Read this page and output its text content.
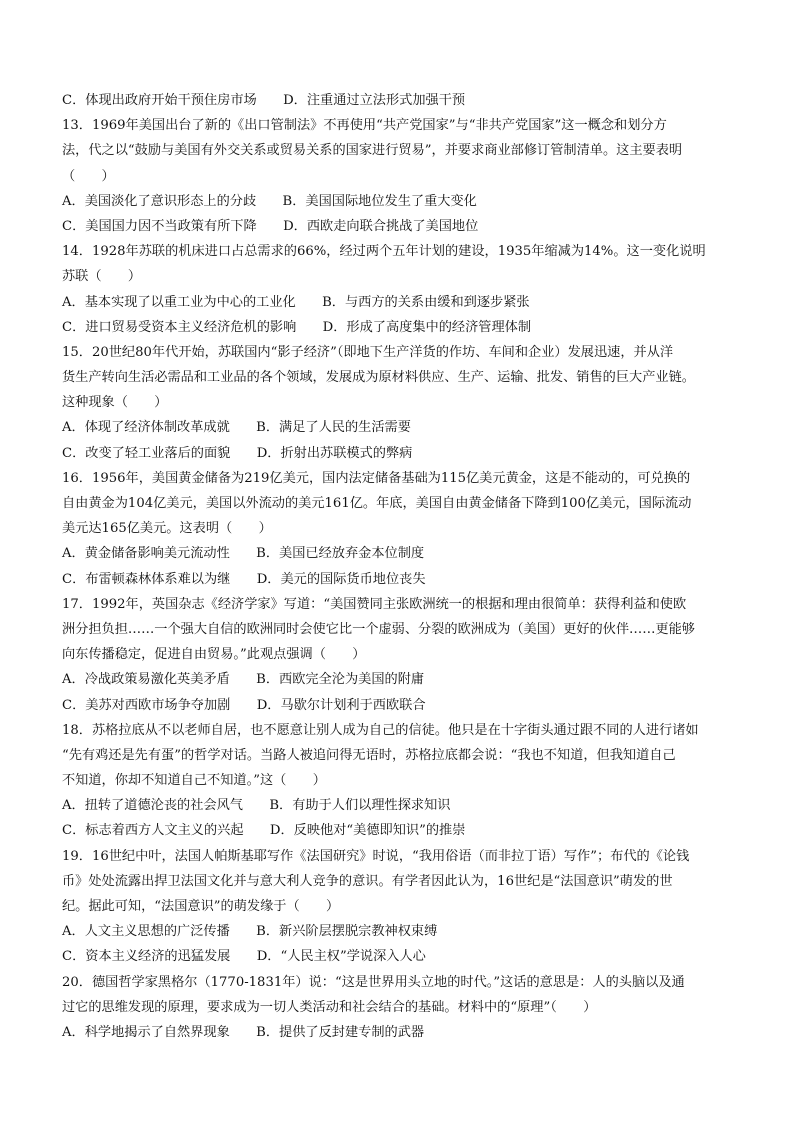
C．体现出政府开始干预住房市场　　D．注重通过立法形式加强干预
13．1969年美国出台了新的《出口管制法》不再使用“共产党国家”与“非共产党国家”这一概念和划分方
法，代之以“鼓励与美国有外交关系或贸易关系的国家进行贸易”，并要求商业部修订管制清单。这主要表明
（　　）
A．美国淡化了意识形态上的分歧　　B．美国国际地位发生了重大变化
C．美国国力因不当政策有所下降　　D．西欧走向联合挑战了美国地位
14．1928年苏联的机床进口占总需求的66%，经过两个五年计划的建设，1935年缩减为14%。这一变化说明
苏联（　　）
A．基本实现了以重工业为中心的工业化　　B．与西方的关系由缓和到逐步紧张
C．进口贸易受资本主义经济危机的影响　　D．形成了高度集中的经济管理体制
15．20世纪80年代开始，苏联国内“影子经济”（即地下生产洋货的作坊、车间和企业）发展迅速，并从洋
货生产转向生活必需品和工业品的各个领域，发展成为原材料供应、生产、运输、批发、销售的巨大产业链。
这种现象（　　）
A．体现了经济体制改革成就　　B．满足了人民的生活需要
C．改变了轻工业落后的面貌　　D．折射出苏联模式的弊病
16．1956年，美国黄金储备为219亿美元，国内法定储备基础为115亿美元黄金，这是不能动的，可兑换的
自由黄金为104亿美元，美国以外流动的美元161亿。年底，美国自由黄金储备下降到100亿美元，国际流动
美元达165亿美元。这表明（　　）
A．黄金储备影响美元流动性　　B．美国已经放弃金本位制度
C．布雷顿森林体系难以为继　　D．美元的国际货币地位丧失
17．1992年，英国杂志《经济学家》写道：“美国赞同主张欧洲统一的根据和理由很简单：获得利益和使欧
洲分担负担……一个强大自信的欧洲同时会使它比一个虚弱、分裂的欧洲成为（美国）更好的伙伴……更能够
向东传播稳定，促进自由贸易。”此观点强调（　　）
A．冷战政策易激化英美矛盾　　B．西欧完全沦为美国的附庸
C．美苏对西欧市场争夺加剧　　D．马歇尔计划利于西欧联合
18．苏格拉底从不以老师自居，也不愿意让别人成为自己的信徒。他只是在十字街头通过跟不同的人进行诸如
“先有鸡还是先有蛋”的哲学对话。当路人被追问得无语时，苏格拉底都会说：“我也不知道，但我知道自己
不知道，你却不知道自己不知道。”这（　　）
A．扭转了道德沦丧的社会风气　　B．有助于人们以理性探求知识
C．标志着西方人文主义的兴起　　D．反映他对“美德即知识”的推崇
19．16世纪中叶，法国人帕斯基耶写作《法国研究》时说，“我用俗语（而非拉丁语）写作”；布代的《论钱
币》处处流露出捍卫法国文化并与意大利人竞争的意识。有学者因此认为，16世纪是“法国意识”萌发的世
纪。据此可知，“法国意识”的萌发缘于（　　）
A．人文主义思想的广泛传播　　B．新兴阶层摆脱宗教神权束缚
C．资本主义经济的迅猛发展　　D．“人民主权”学说深入人心
20．德国哲学家黑格尔（1770-1831年）说：“这是世界用头立地的时代。”这话的意思是：人的头脑以及通
过它的思维发现的原理，要求成为一切人类活动和社会结合的基础。材料中的“原理”（　　）
A．科学地揭示了自然界现象　　B．提供了反封建专制的武器
